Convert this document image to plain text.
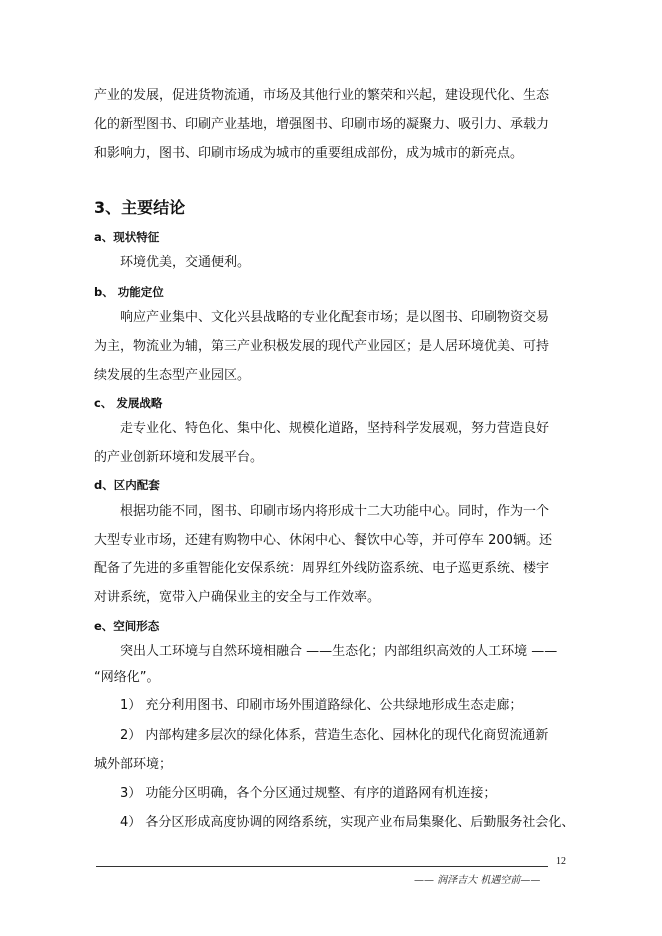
产业的发展，促进货物流通，市场及其他行业的繁荣和兴起，建设现代化、生态
化的新型图书、印刷产业基地，增强图书、印刷市场的凝聚力、吸引力、承载力
和影响力，图书、印刷市场成为城市的重要组成部份，成为城市的新亮点。
3、主要结论
a、现状特征
环境优美，交通便利。
b、 功能定位
响应产业集中、文化兴县战略的专业化配套市场；是以图书、印刷物资交易
为主，物流业为辅，第三产业积极发展的现代产业园区；是人居环境优美、可持
续发展的生态型产业园区。
c、 发展战略
走专业化、特色化、集中化、规模化道路，坚持科学发展观，努力营造良好
的产业创新环境和发展平台。
d、区内配套
根据功能不同，图书、印刷市场内将形成十二大功能中心。同时，作为一个
大型专业市场，还建有购物中心、休闲中心、餐饮中心等，并可停车 200辆。还
配备了先进的多重智能化安保系统：周界红外线防盗系统、电子巡更系统、楼宇
对讲系统，宽带入户确保业主的安全与工作效率。
e、空间形态
突出人工环境与自然环境相融合 ——生态化；内部组织高效的人工环境 ——
“网络化”。
1） 充分利用图书、印刷市场外围道路绿化、公共绿地形成生态走廊；
2） 内部构建多层次的绿化体系，营造生态化、园林化的现代化商贸流通新
城外部环境；
3） 功能分区明确，各个分区通过规整、有序的道路网有机连接；
4） 各分区形成高度协调的网络系统，实现产业布局集聚化、后勤服务社会化、
12
—— 润泽吉大 机遇空前——
